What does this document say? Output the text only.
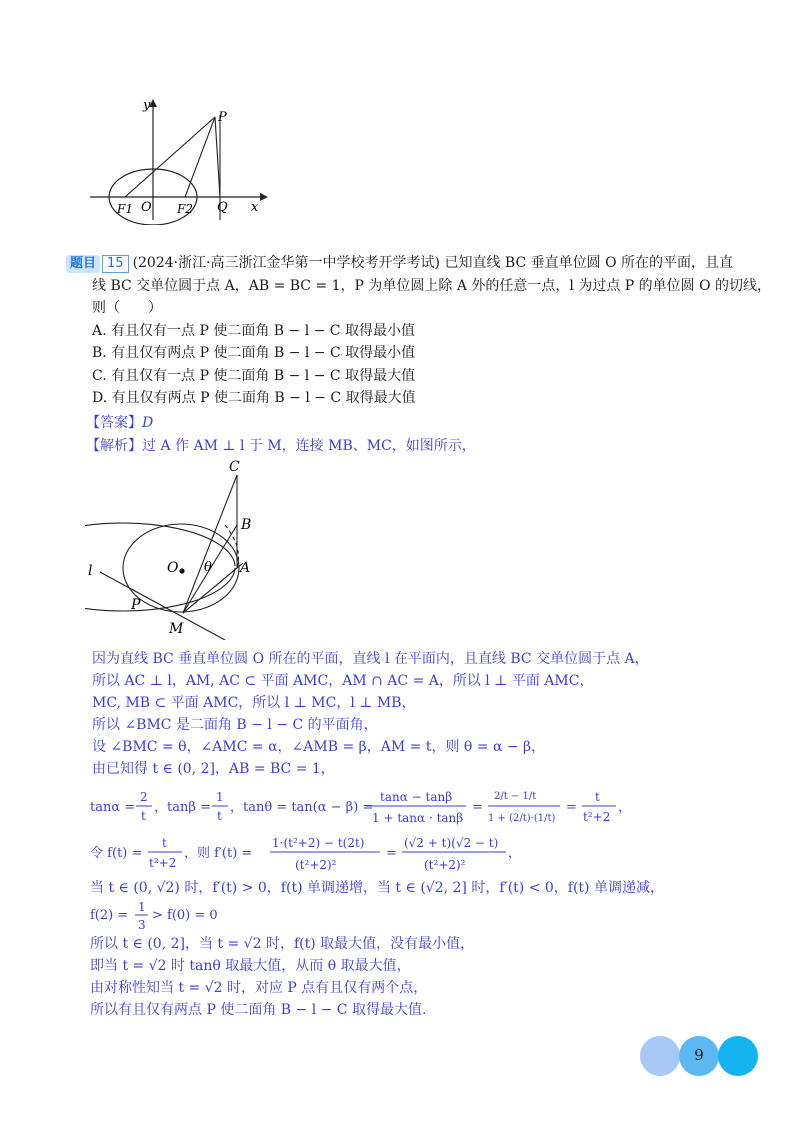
y
P
F1 O F2 Q x
题目 15 (2024·浙江·高三浙江金华第一中学校考开学考试) 已知直线 BC 垂直单位圆 O 所在的平面，且直
线 BC 交单位圆于点 A，AB = BC = 1，P 为单位圆上除 A 外的任意一点，l 为过点 P 的单位圆 O 的切线，
则（　　）
A. 有且仅有一点 P 使二面角 B − l − C 取得最小值
B. 有且仅有两点 P 使二面角 B − l − C 取得最小值
C. 有且仅有一点 P 使二面角 B − l − C 取得最大值
D. 有且仅有两点 P 使二面角 B − l − C 取得最大值
【答案】D
【解析】过 A 作 AM ⊥ l 于 M，连接 MB、MC，如图所示，
C
B
O θ A
l
P
M
因为直线 BC 垂直单位圆 O 所在的平面，直线 l 在平面内，且直线 BC 交单位圆于点 A，
所以 AC ⊥ l，AM, AC ⊂ 平面 AMC，AM ∩ AC = A，所以 l ⊥ 平面 AMC，
MC, MB ⊂ 平面 AMC，所以 l ⊥ MC，l ⊥ MB，
所以 ∠BMC 是二面角 B − l − C 的平面角，
设 ∠BMC = θ，∠AMC = α，∠AMB = β，AM = t，则 θ = α − β，
由已知得 t ∈ (0, 2]，AB = BC = 1，
tanα =
2
t
，tanβ =
1
t
，tanθ = tan(α − β) =
tanα − tanβ
1 + tanα · tanβ
=
2/t − 1/t
1 + (2/t)·(1/t)
=
t
t²+2
，
令 f(t) =
t
t²+2
，则 f′(t) =
1·(t²+2) − t(2t)
(t²+2)²
=
(√2 + t)(√2 − t)
(t²+2)²
，
当 t ∈ (0, √2) 时，f′(t) > 0，f(t) 单调递增，当 t ∈ (√2, 2] 时，f′(t) < 0，f(t) 单调递减，
f(2) =
1
3
> f(0) = 0
所以 t ∈ (0, 2]，当 t = √2 时，f(t) 取最大值，没有最小值，
即当 t = √2 时 tanθ 取最大值，从而 θ 取最大值，
由对称性知当 t = √2 时，对应 P 点有且仅有两个点，
所以有且仅有两点 P 使二面角 B − l − C 取得最大值.
9
